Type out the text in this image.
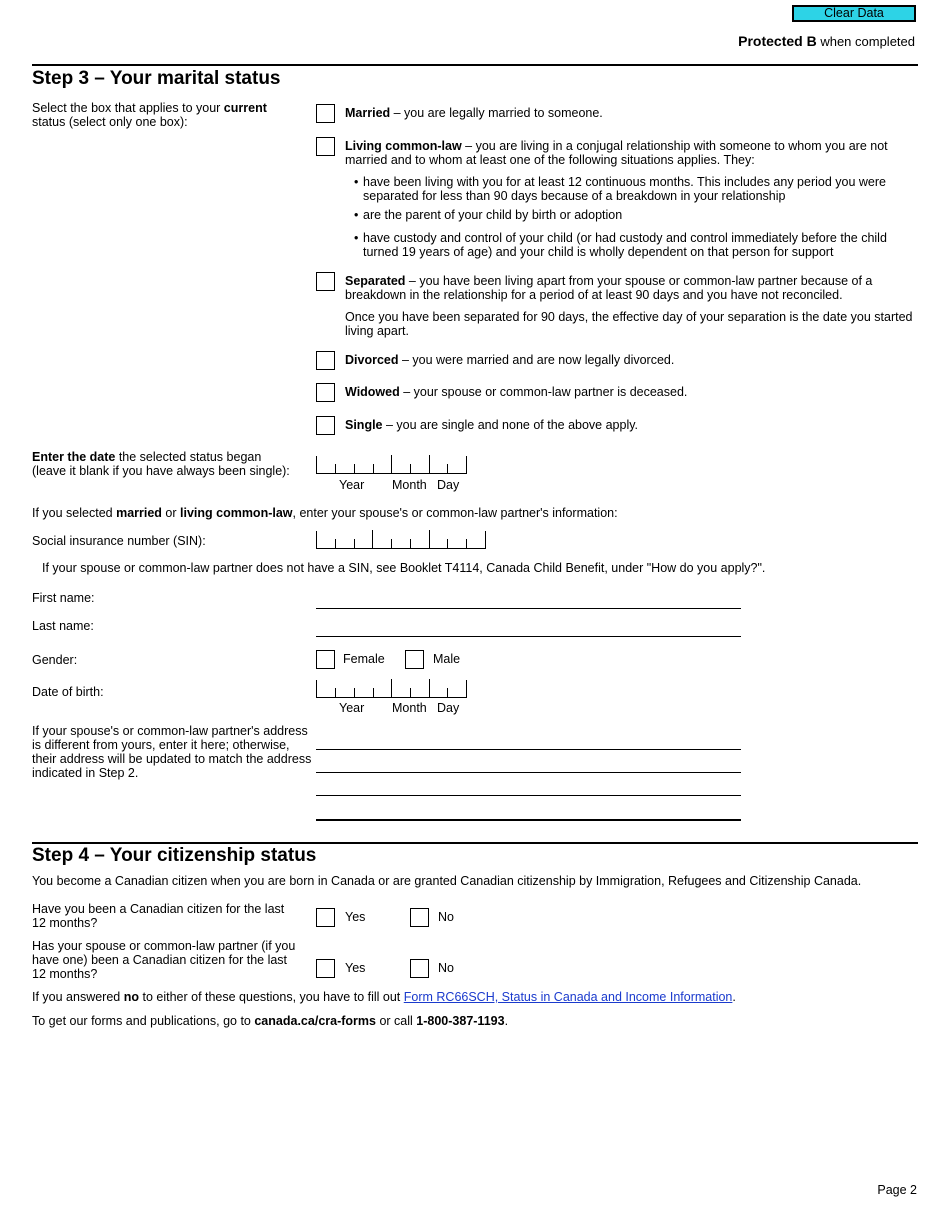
Clear Data
Protected B when completed
Step 3 – Your marital status
Select the box that applies to your current
status (select only one box):
Married – you are legally married to someone.
Living common-law – you are living in a conjugal relationship with someone to whom you are not married and to whom at least one of the following situations applies. They:
• have been living with you for at least 12 continuous months. This includes any period you were separated for less than 90 days because of a breakdown in your relationship
• are the parent of your child by birth or adoption
• have custody and control of your child (or had custody and control immediately before the child turned 19 years of age) and your child is wholly dependent on that person for support
Separated – you have been living apart from your spouse or common-law partner because of a breakdown in the relationship for a period of at least 90 days and you have not reconciled.
Once you have been separated for 90 days, the effective day of your separation is the date you started living apart.
Divorced – you were married and are now legally divorced.
Widowed – your spouse or common-law partner is deceased.
Single – you are single and none of the above apply.
Enter the date the selected status began
(leave it blank if you have always been single):
Year Month Day
If you selected married or living common-law, enter your spouse's or common-law partner's information:
Social insurance number (SIN):
If your spouse or common-law partner does not have a SIN, see Booklet T4114, Canada Child Benefit, under "How do you apply?".
First name:
Last name:
Gender:	Female	Male
Date of birth:
Year Month Day
If your spouse's or common-law partner's address is different from yours, enter it here; otherwise, their address will be updated to match the address indicated in Step 2.
Step 4 – Your citizenship status
You become a Canadian citizen when you are born in Canada or are granted Canadian citizenship by Immigration, Refugees and Citizenship Canada.
Have you been a Canadian citizen for the last 12 months?	Yes	No
Has your spouse or common-law partner (if you have one) been a Canadian citizen for the last 12 months?	Yes	No
If you answered no to either of these questions, you have to fill out Form RC66SCH, Status in Canada and Income Information.
To get our forms and publications, go to canada.ca/cra-forms or call 1-800-387-1193.
Page 2
